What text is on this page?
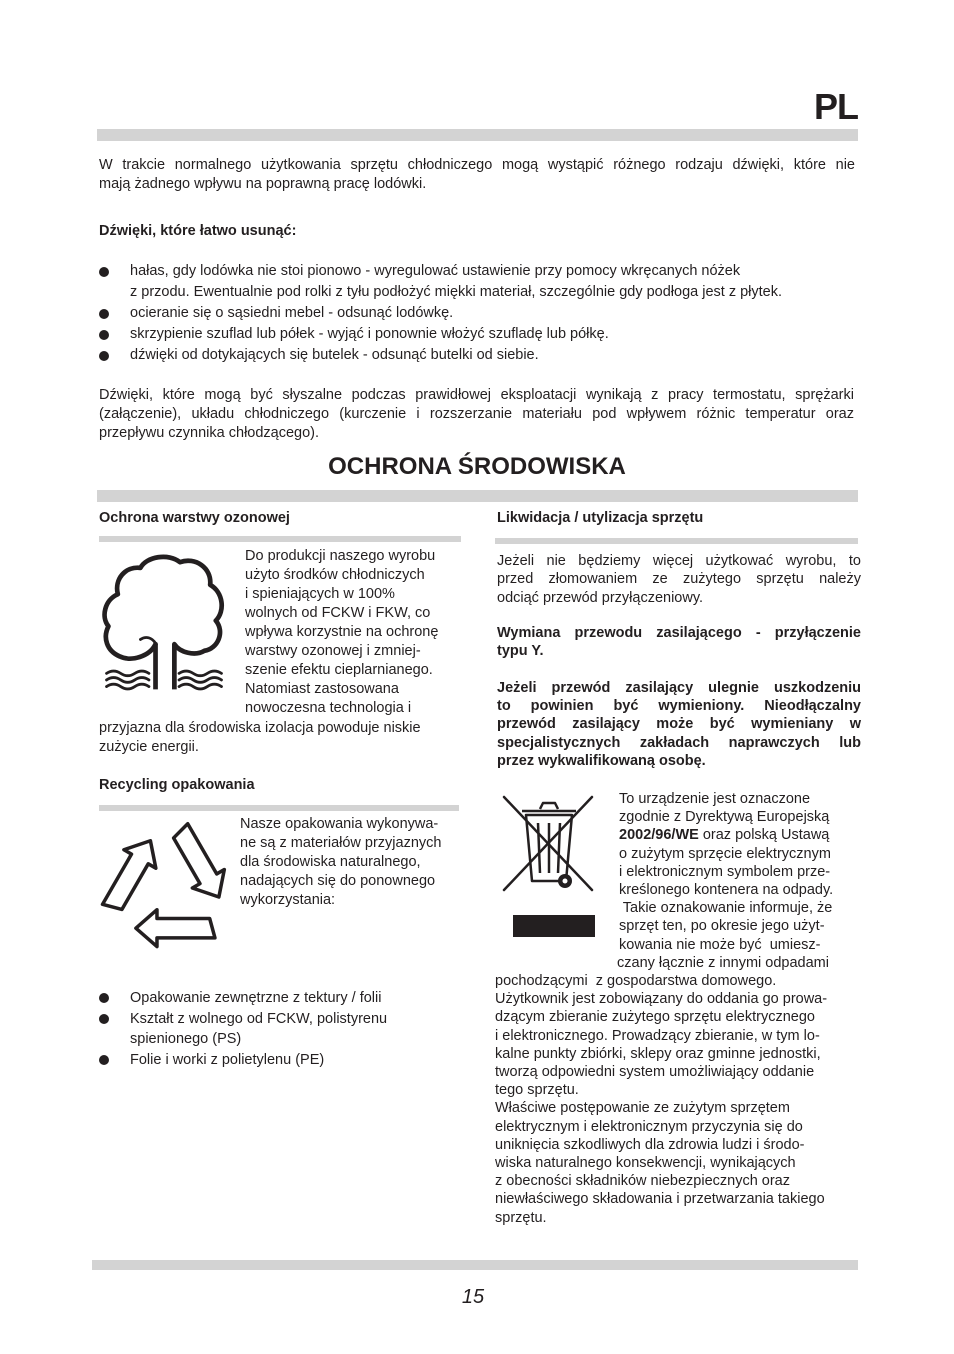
PL
W trakcie normalnego użytkowania sprzętu chłodniczego mogą wystąpić różnego rodzaju dźwięki, które nie
mają żadnego wpływu na poprawną pracę lodówki.
Dźwięki, które łatwo usunąć:
hałas, gdy lodówka nie stoi pionowo - wyregulować ustawienie przy pomocy wkręcanych nóżek
z przodu. Ewentualnie pod rolki z tyłu podłożyć miękki materiał, szczególnie gdy podłoga jest z płytek.
ocieranie się o sąsiedni mebel - odsunąć lodówkę.
skrzypienie szuflad lub półek - wyjąć i ponownie włożyć szufladę lub półkę.
dźwięki od dotykających się butelek - odsunąć butelki od siebie.
Dźwięki, które mogą być słyszalne podczas prawidłowej eksploatacji wynikają z pracy termostatu, sprężarki
(załączenie), układu chłodniczego (kurczenie i rozszerzanie materiału pod wpływem różnic temperatur oraz
przepływu czynnika chłodzącego).
OCHRONA ŚRODOWISKA
Ochrona warstwy ozonowej
Do produkcji naszego wyrobu
użyto środków chłodniczych
i spieniających w 100%
wolnych od FCKW i FKW, co
wpływa korzystnie na ochronę
warstwy ozonowej i zmniej-
szenie efektu cieplarnianego.
Natomiast zastosowana
nowoczesna technologia i
przyjazna dla środowiska izolacja powoduje niskie
zużycie energii.
Recycling opakowania
Nasze opakowania wykonywa-
ne są z materiałów przyjaznych
dla środowiska naturalnego,
nadających się do ponownego
wykorzystania:
Opakowanie zewnętrzne z tektury / folii
Kształt z wolnego od FCKW, polistyrenu
spienionego (PS)
Folie i worki z polietylenu (PE)
Likwidacja / utylizacja sprzętu
Jeżeli nie będziemy więcej użytkować wyrobu, to
przed złomowaniem ze zużytego sprzętu należy
odciąć przewód przyłączeniowy.
Wymiana przewodu zasilającego - przyłączenie
typu Y.
Jeżeli przewód zasilający ulegnie uszkodzeniu
to powinien być wymieniony. Nieodłączalny
przewód zasilający może być wymieniany w
specjalistycznych zakładach naprawczych lub
przez wykwalifikowaną osobę.
To urządzenie jest oznaczone
zgodnie z Dyrektywą Europejską
2002/96/WE oraz polską Ustawą
o zużytym sprzęcie elektrycznym
i elektronicznym symbolem prze-
kreślonego kontenera na odpady.
Takie oznakowanie informuje, że
sprzęt ten, po okresie jego użyt-
kowania nie może być  umiesz-
czany łącznie z innymi odpadami
pochodzącymi  z gospodarstwa domowego.
Użytkownik jest zobowiązany do oddania go prowa-
dzącym zbieranie zużytego sprzętu elektrycznego
i elektronicznego. Prowadzący zbieranie, w tym lo-
kalne punkty zbiórki, sklepy oraz gminne jednostki,
tworzą odpowiedni system umożliwiający oddanie
tego sprzętu.
Właściwe postępowanie ze zużytym sprzętem
elektrycznym i elektronicznym przyczynia się do
uniknięcia szkodliwych dla zdrowia ludzi i środo-
wiska naturalnego konsekwencji, wynikających
z obecności składników niebezpiecznych oraz
niewłaściwego składowania i przetwarzania takiego
sprzętu.
15
